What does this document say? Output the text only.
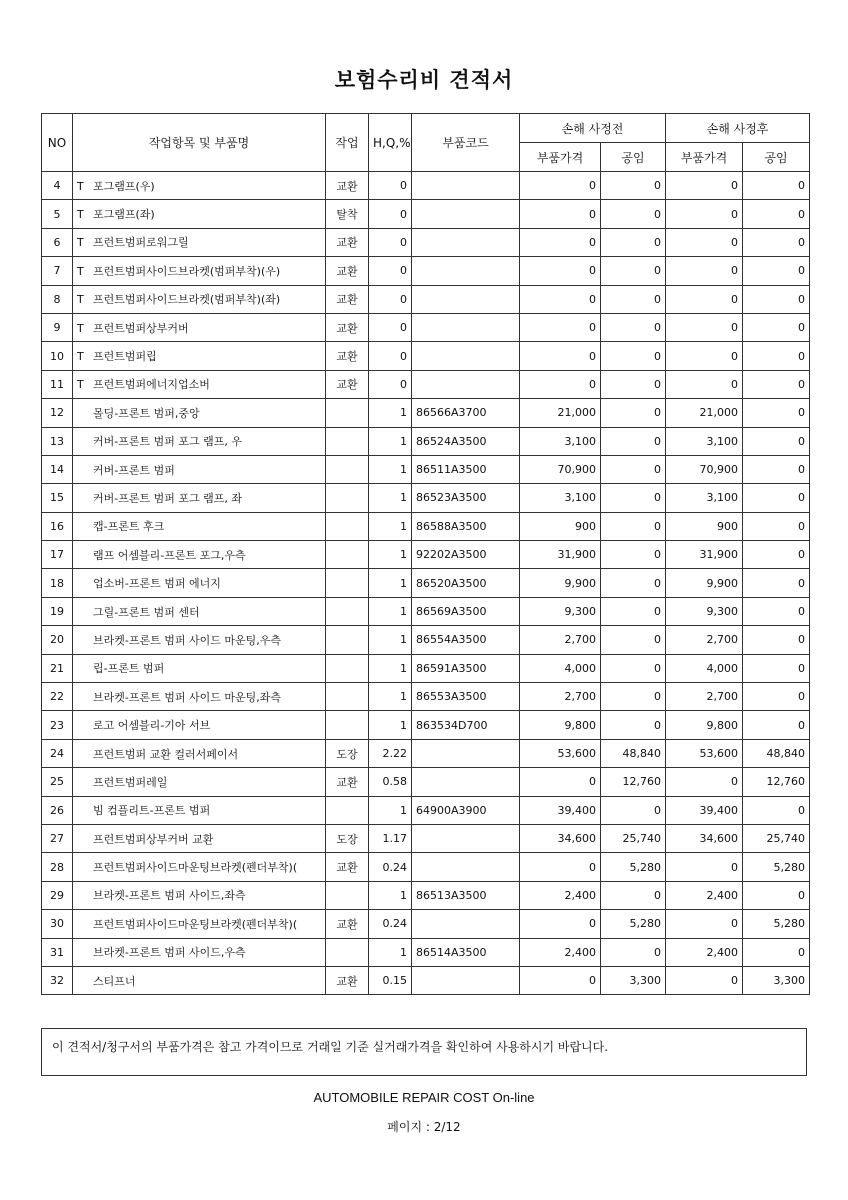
보험수리비 견적서
NO	작업항목 및 부품명	작업	H,Q,%	부품코드	손해 사정전		손해 사정후	
					부품가격	공임	부품가격	공임
4	T 포그램프(우)	교환	0		0	0	0	0
5	T 포그램프(좌)	탈착	0		0	0	0	0
6	T 프런트범퍼로워그릴	교환	0		0	0	0	0
7	T 프런트범퍼사이드브라켓(범퍼부착)(우)	교환	0		0	0	0	0
8	T 프런트범퍼사이드브라켓(범퍼부착)(좌)	교환	0		0	0	0	0
9	T 프런트범퍼상부커버	교환	0		0	0	0	0
10	T 프런트범퍼립	교환	0		0	0	0	0
11	T 프런트범퍼에너지업소버	교환	0		0	0	0	0
12	몰딩-프론트 범퍼,중앙		1	86566A3700	21,000	0	21,000	0
13	커버-프론트 범퍼 포그 램프, 우		1	86524A3500	3,100	0	3,100	0
14	커버-프론트 범퍼		1	86511A3500	70,900	0	70,900	0
15	커버-프론트 범퍼 포그 램프, 좌		1	86523A3500	3,100	0	3,100	0
16	캡-프론트 후크		1	86588A3500	900	0	900	0
17	램프 어셈블리-프론트 포그,우측		1	92202A3500	31,900	0	31,900	0
18	업소버-프론트 범퍼 에너지		1	86520A3500	9,900	0	9,900	0
19	그릴-프론트 범퍼 센터		1	86569A3500	9,300	0	9,300	0
20	브라켓-프론트 범퍼 사이드 마운팅,우측		1	86554A3500	2,700	0	2,700	0
21	립-프론트 범퍼		1	86591A3500	4,000	0	4,000	0
22	브라켓-프론트 범퍼 사이드 마운팅,좌측		1	86553A3500	2,700	0	2,700	0
23	로고 어셈블리-기아 서브		1	863534D700	9,800	0	9,800	0
24	프런트범퍼 교환 컬러서페이서	도장	2.22		53,600	48,840	53,600	48,840
25	프런트범퍼레일	교환	0.58		0	12,760	0	12,760
26	빔 컴플리트-프론트 범퍼		1	64900A3900	39,400	0	39,400	0
27	프런트범퍼상부커버 교환	도장	1.17		34,600	25,740	34,600	25,740
28	프런트범퍼사이드마운팅브라켓(펜더부착)(	교환	0.24		0	5,280	0	5,280
29	브라켓-프론트 범퍼 사이드,좌측		1	86513A3500	2,400	0	2,400	0
30	프런트범퍼사이드마운팅브라켓(펜더부착)(	교환	0.24		0	5,280	0	5,280
31	브라켓-프론트 범퍼 사이드,우측		1	86514A3500	2,400	0	2,400	0
32	스티프너	교환	0.15		0	3,300	0	3,300
이 견적서/청구서의 부품가격은 참고 가격이므로 거래일 기준 실거래가격을 확인하여 사용하시기 바랍니다.
AUTOMOBILE REPAIR COST On-line
페이지 : 2/12
